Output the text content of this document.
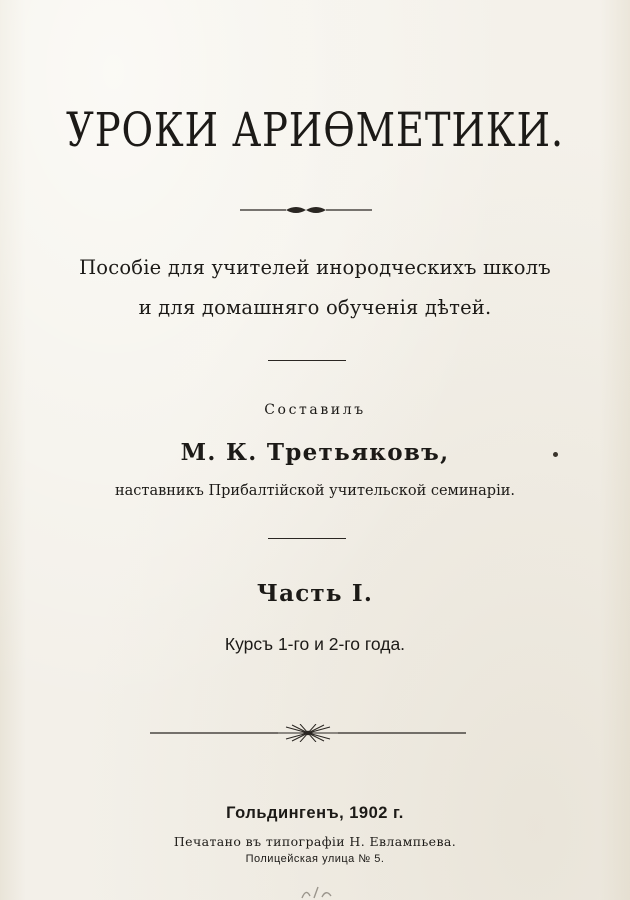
УРОКИ АРИѲМЕТИКИ.
Пособіе для учителей инородческихъ школъ
и для домашняго обученія дѣтей.
Составилъ
М. К. Третьяковъ,
наставникъ Прибалтійской учительской семинаріи.
Часть I.
Курсъ 1-го и 2-го года.
Гольдингенъ, 1902 г.
Печатано въ типографіи Н. Евлампьева.
Полицейская улица № 5.
